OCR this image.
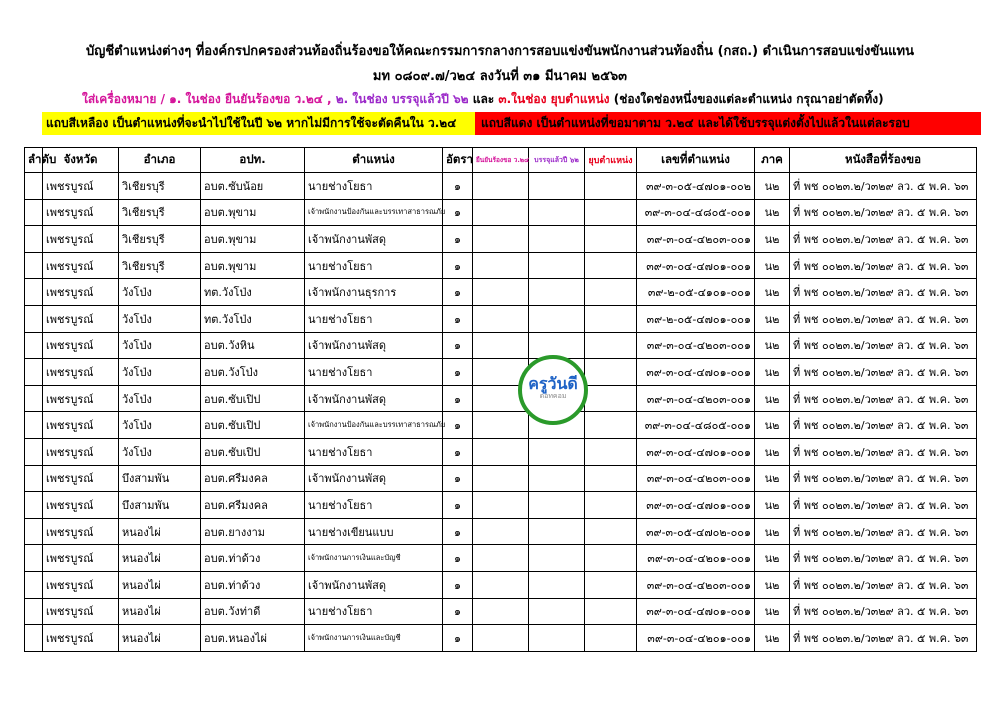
บัญชีตำแหน่งต่างๆ ที่องค์กรปกครองส่วนท้องถิ่นร้องขอให้คณะกรรมการกลางการสอบแข่งขันพนักงานส่วนท้องถิ่น (กสถ.) ดำเนินการสอบแข่งขันแทน
มท ๐๘๐๙.๗/ว๒๔ ลงวันที่ ๓๑ มีนาคม ๒๕๖๓
ใส่เครื่องหมาย / ๑. ในช่อง ยืนยันร้องขอ ว.๒๔ , ๒. ในช่อง บรรจุแล้วปี ๖๒ และ ๓.ในช่อง ยุบตำแหน่ง (ช่องใดช่องหนึ่งของแต่ละตำแหน่ง กรุณาอย่าตัดทิ้ง)
แถบสีเหลือง เป็นตำแหน่งที่จะนำไปใช้ในปี ๖๒ หากไม่มีการใช้จะตัดคืนใน ว.๒๔	แถบสีแดง เป็นตำแหน่งที่ขอมาตาม ว.๒๔ และได้ใช้บรรจุแต่งตั้งไปแล้วในแต่ละรอบ
ลำดับ	จังหวัด	อำเภอ	อปท.	ตำแหน่ง	อัตรา	ยืนยันร้องขอ ว.๒๔	บรรจุแล้วปี ๖๒	ยุบตำแหน่ง	เลขที่ตำแหน่ง	ภาค	หนังสือที่ร้องขอ
	เพชรบูรณ์	วิเชียรบุรี	อบต.ซับน้อย	นายช่างโยธา	๑				๓๙-๓-๐๕-๔๗๐๑-๐๐๒	น๒	ที่ พช ๐๐๒๓.๒/ว๓๒๙ ลว. ๕ พ.ค. ๖๓
	เพชรบูรณ์	วิเชียรบุรี	อบต.พุขาม	เจ้าพนักงานป้องกันและบรรเทาสาธารณภัย	๑				๓๙-๓-๐๔-๔๘๐๕-๐๐๑	น๒	ที่ พช ๐๐๒๓.๒/ว๓๒๙ ลว. ๕ พ.ค. ๖๓
	เพชรบูรณ์	วิเชียรบุรี	อบต.พุขาม	เจ้าพนักงานพัสดุ	๑				๓๙-๓-๐๔-๔๒๐๓-๐๐๑	น๒	ที่ พช ๐๐๒๓.๒/ว๓๒๙ ลว. ๕ พ.ค. ๖๓
	เพชรบูรณ์	วิเชียรบุรี	อบต.พุขาม	นายช่างโยธา	๑				๓๙-๓-๐๔-๔๗๐๑-๐๐๑	น๒	ที่ พช ๐๐๒๓.๒/ว๓๒๙ ลว. ๕ พ.ค. ๖๓
	เพชรบูรณ์	วังโป่ง	ทต.วังโป่ง	เจ้าพนักงานธุรการ	๑				๓๙-๒-๐๕-๔๑๐๑-๐๐๑	น๒	ที่ พช ๐๐๒๓.๒/ว๓๒๙ ลว. ๕ พ.ค. ๖๓
	เพชรบูรณ์	วังโป่ง	ทต.วังโป่ง	นายช่างโยธา	๑				๓๙-๒-๐๕-๔๗๐๑-๐๐๑	น๒	ที่ พช ๐๐๒๓.๒/ว๓๒๙ ลว. ๕ พ.ค. ๖๓
	เพชรบูรณ์	วังโป่ง	อบต.วังหิน	เจ้าพนักงานพัสดุ	๑				๓๙-๓-๐๔-๔๒๐๓-๐๐๑	น๒	ที่ พช ๐๐๒๓.๒/ว๓๒๙ ลว. ๕ พ.ค. ๖๓
	เพชรบูรณ์	วังโป่ง	อบต.วังโป่ง	นายช่างโยธา	๑				๓๙-๓-๐๔-๔๗๐๑-๐๐๑	น๒	ที่ พช ๐๐๒๓.๒/ว๓๒๙ ลว. ๕ พ.ค. ๖๓
	เพชรบูรณ์	วังโป่ง	อบต.ซับเปิป	เจ้าพนักงานพัสดุ	๑				๓๙-๓-๐๔-๔๒๐๓-๐๐๑	น๒	ที่ พช ๐๐๒๓.๒/ว๓๒๙ ลว. ๕ พ.ค. ๖๓
	เพชรบูรณ์	วังโป่ง	อบต.ซับเปิป	เจ้าพนักงานป้องกันและบรรเทาสาธารณภัย	๑				๓๙-๓-๐๔-๔๘๐๕-๐๐๑	น๒	ที่ พช ๐๐๒๓.๒/ว๓๒๙ ลว. ๕ พ.ค. ๖๓
	เพชรบูรณ์	วังโป่ง	อบต.ซับเปิป	นายช่างโยธา	๑				๓๙-๓-๐๔-๔๗๐๑-๐๐๑	น๒	ที่ พช ๐๐๒๓.๒/ว๓๒๙ ลว. ๕ พ.ค. ๖๓
	เพชรบูรณ์	บึงสามพัน	อบต.ศรีมงคล	เจ้าพนักงานพัสดุ	๑				๓๙-๓-๐๔-๔๒๐๓-๐๐๑	น๒	ที่ พช ๐๐๒๓.๒/ว๓๒๙ ลว. ๕ พ.ค. ๖๓
	เพชรบูรณ์	บึงสามพัน	อบต.ศรีมงคล	นายช่างโยธา	๑				๓๙-๓-๐๔-๔๗๐๑-๐๐๑	น๒	ที่ พช ๐๐๒๓.๒/ว๓๒๙ ลว. ๕ พ.ค. ๖๓
	เพชรบูรณ์	หนองไผ่	อบต.ยางงาม	นายช่างเขียนแบบ	๑				๓๙-๓-๐๕-๔๗๐๒-๐๐๑	น๒	ที่ พช ๐๐๒๓.๒/ว๓๒๙ ลว. ๕ พ.ค. ๖๓
	เพชรบูรณ์	หนองไผ่	อบต.ท่าด้วง	เจ้าพนักงานการเงินและบัญชี	๑				๓๙-๓-๐๔-๔๒๐๑-๐๐๑	น๒	ที่ พช ๐๐๒๓.๒/ว๓๒๙ ลว. ๕ พ.ค. ๖๓
	เพชรบูรณ์	หนองไผ่	อบต.ท่าด้วง	เจ้าพนักงานพัสดุ	๑				๓๙-๓-๐๔-๔๒๐๓-๐๐๑	น๒	ที่ พช ๐๐๒๓.๒/ว๓๒๙ ลว. ๕ พ.ค. ๖๓
	เพชรบูรณ์	หนองไผ่	อบต.วังท่าดี	นายช่างโยธา	๑				๓๙-๓-๐๔-๔๗๐๑-๐๐๑	น๒	ที่ พช ๐๐๒๓.๒/ว๓๒๙ ลว. ๕ พ.ค. ๖๓
	เพชรบูรณ์	หนองไผ่	อบต.หนองไผ่	เจ้าพนักงานการเงินและบัญชี	๑				๓๙-๓-๐๔-๔๒๐๑-๐๐๑	น๒	ที่ พช ๐๐๒๓.๒/ว๓๒๙ ลว. ๕ พ.ค. ๖๓
ครูวันดี
ดอทคอม
